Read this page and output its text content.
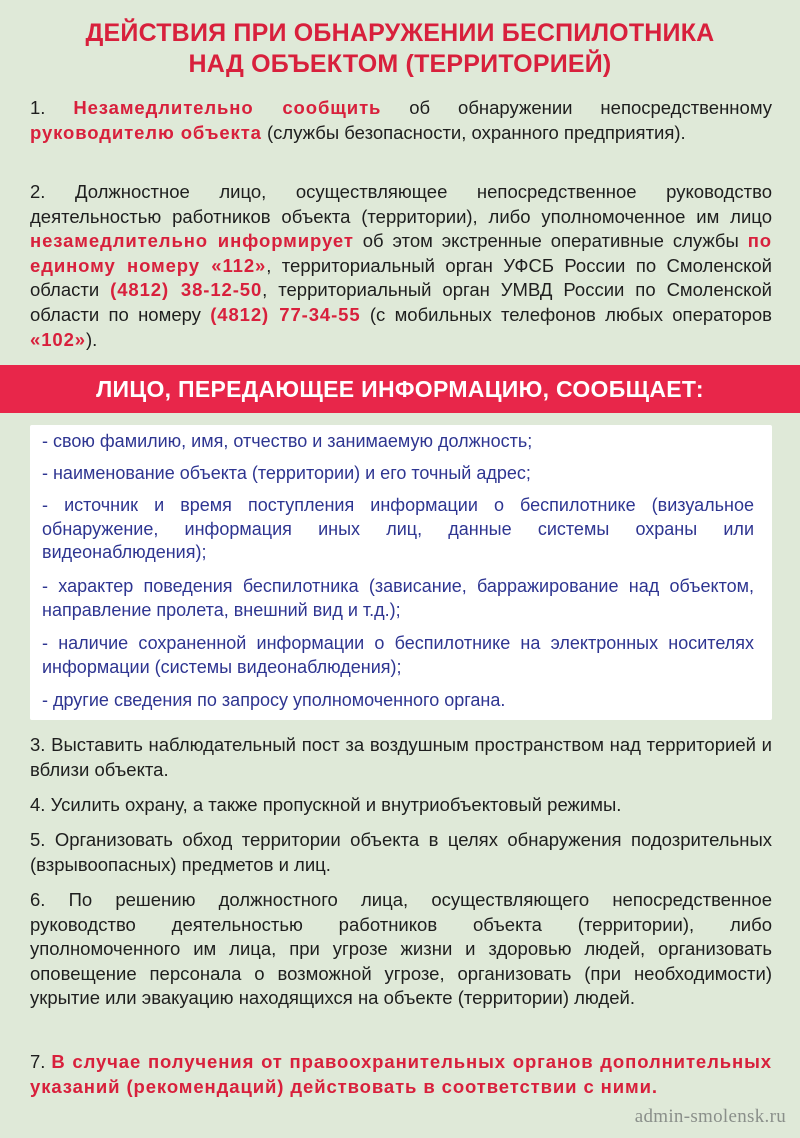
ДЕЙСТВИЯ ПРИ ОБНАРУЖЕНИИ БЕСПИЛОТНИКА
НАД ОБЪЕКТОМ (ТЕРРИТОРИЕЙ)
1. Незамедлительно сообщить об обнаружении непосредственному руководителю объекта (службы безопасности, охранного предприятия).
2. Должностное лицо, осуществляющее непосредственное руководство деятельностью работников объекта (территории), либо уполномоченное им лицо незамедлительно информирует об этом экстренные оперативные службы по единому номеру «112», территориальный орган УФСБ России по Смоленской области (4812) 38-12-50, территориальный орган УМВД России по Смоленской области по номеру (4812) 77-34-55 (с мобильных телефонов любых операторов «102»).
ЛИЦО, ПЕРЕДАЮЩЕЕ ИНФОРМАЦИЮ, СООБЩАЕТ:
- свою фамилию, имя, отчество и занимаемую должность;
- наименование объекта (территории) и его точный адрес;
- источник и время поступления информации о беспилотнике (визуальное обнаружение, информация иных лиц, данные системы охраны или видеонаблюдения);
- характер поведения беспилотника (зависание, барражирование над объектом, направление пролета, внешний вид и т.д.);
- наличие сохраненной информации о беспилотнике на электронных носителях информации (системы видеонаблюдения);
- другие сведения по запросу уполномоченного органа.
3. Выставить наблюдательный пост за воздушным пространством над территорией и вблизи объекта.
4. Усилить охрану, а также пропускной и внутриобъектовый режимы.
5. Организовать обход территории объекта в целях обнаружения подозрительных (взрывоопасных) предметов и лиц.
6. По решению должностного лица, осуществляющего непосредственное руководство деятельностью работников объекта (территории), либо уполномоченного им лица, при угрозе жизни и здоровью людей, организовать оповещение персонала о возможной угрозе, организовать (при необходимости) укрытие или эвакуацию находящихся на объекте (территории) людей.
7. В случае получения от правоохранительных органов дополнительных указаний (рекомендаций) действовать в соответствии с ними.
admin-smolensk.ru
